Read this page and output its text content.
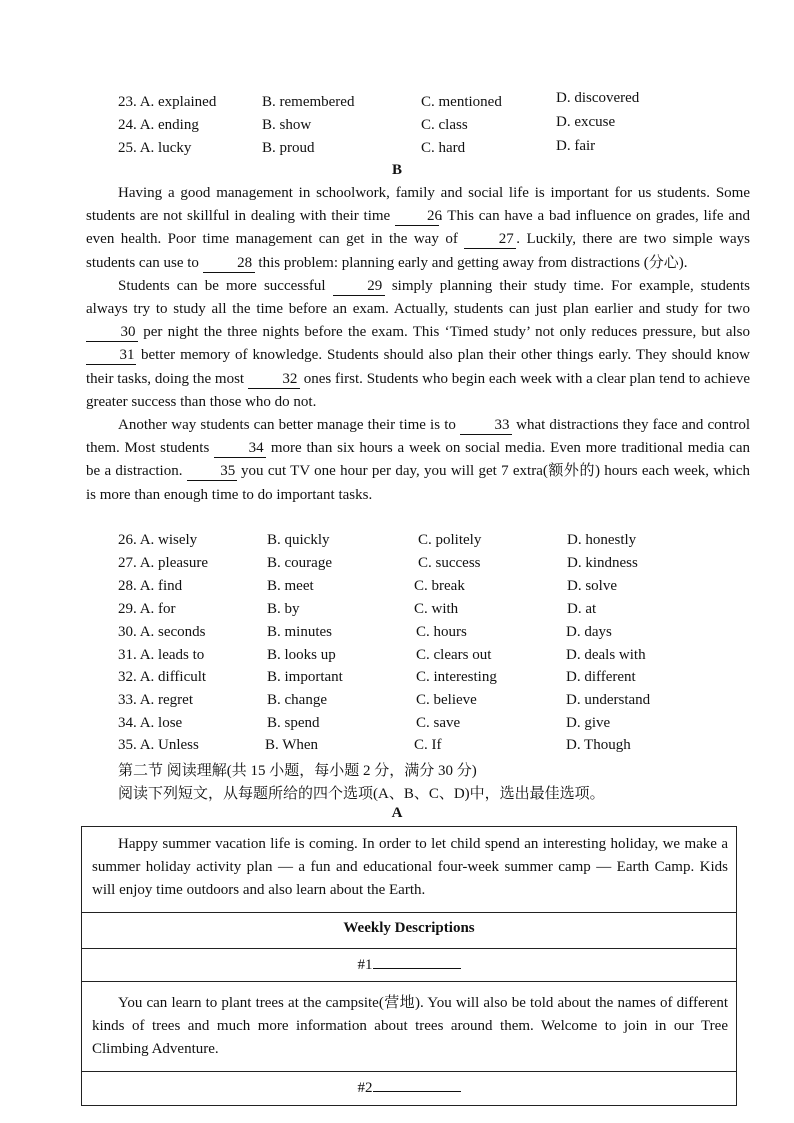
23. A. explained	B. remembered	C. mentioned	D. discovered
24. A. ending	B. show	C. class	D. excuse
25. A. lucky	B. proud	C. hard	D. fair
B

Having a good management in schoolwork, family and social life is important for us students. Some students are not skillful in dealing with their time 26. This can have a bad influence on grades, life and even health. Poor time management can get in the way of 27 . Luckily, there are two simple ways students can use to 28 this problem: planning early and getting away from distractions (分心).

Students can be more successful 29 simply planning their study time. For example, students always try to study all the time before an exam. Actually, students can just plan earlier and study for two 30 per night the three nights before the exam. This ‘Timed study’ not only reduces pressure, but also 31 better memory of knowledge. Students should also plan their other things early. They should know their tasks, doing the most 32 ones first. Students who begin each week with a clear plan tend to achieve greater success than those who do not.

Another way students can better manage their time is to 33 what distractions they face and control them. Most students 34 more than six hours a week on social media. Even more traditional media can be a distraction. 35 you cut TV one hour per day, you will get 7 extra(额外的) hours each week, which is more than enough time to do important tasks.

26. A. wisely	B. quickly	C. politely	D. honestly
27. A. pleasure	B. courage	C. success	D. kindness
28. A. find	B. meet	C. break	D. solve
29. A. for	B. by	C. with	D. at
30. A. seconds	B. minutes	C. hours	D. days
31. A. leads to	B. looks up	C. clears out	D. deals with
32. A. difficult	B. important	C. interesting	D. different
33. A. regret	B. change	C. believe	D. understand
34. A. lose	B. spend	C. save	D. give
35. A. Unless	B. When	C. If	D. Though
第二节 阅读理解(共 15 小题，每小题 2 分，满分 30 分)
阅读下列短文，从每题所给的四个选项(A、B、C、D)中，选出最佳选项。
A

Happy summer vacation life is coming. In order to let child spend an interesting holiday, we make a summer holiday activity plan — a fun and educational four-week summer camp — Earth Camp. Kids will enjoy time outdoors and also learn about the Earth.

Weekly Descriptions
#1

You can learn to plant trees at the campsite(营地). You will also be told about the names of different kinds of trees and much more information about trees around them. Welcome to join in our Tree Climbing Adventure.

#2
